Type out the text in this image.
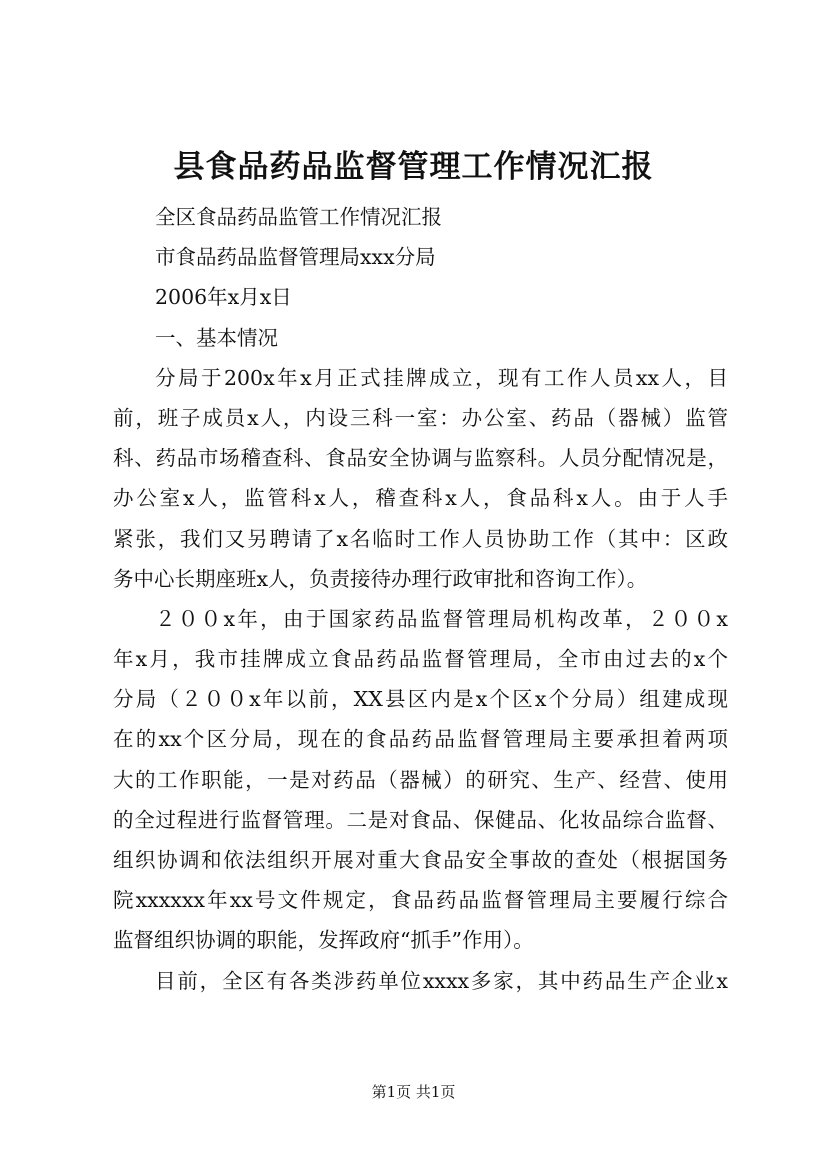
县食品药品监督管理工作情况汇报
全区食品药品监管工作情况汇报
市食品药品监督管理局xxx分局
2006年x月x日
一、基本情况
分局于200x年x月正式挂牌成立，现有工作人员xx人，目
前，班子成员x人，内设三科一室：办公室、药品（器械）监管
科、药品市场稽查科、食品安全协调与监察科。人员分配情况是，
办公室x人，监管科x人，稽查科x人，食品科x人。由于人手
紧张，我们又另聘请了x名临时工作人员协助工作（其中：区政
务中心长期座班x人，负责接待办理行政审批和咨询工作）。
２００x年，由于国家药品监督管理局机构改革，２００x
年x月，我市挂牌成立食品药品监督管理局，全市由过去的x个
分局（２００x年以前，XX县区内是x个区x个分局）组建成现
在的xx个区分局，现在的食品药品监督管理局主要承担着两项
大的工作职能，一是对药品（器械）的研究、生产、经营、使用
的全过程进行监督管理。二是对食品、保健品、化妆品综合监督、
组织协调和依法组织开展对重大食品安全事故的查处（根据国务
院xxxxxx年xx号文件规定，食品药品监督管理局主要履行综合
监督组织协调的职能，发挥政府“抓手”作用）。
目前，全区有各类涉药单位xxxx多家，其中药品生产企业x
第1页 共1页
